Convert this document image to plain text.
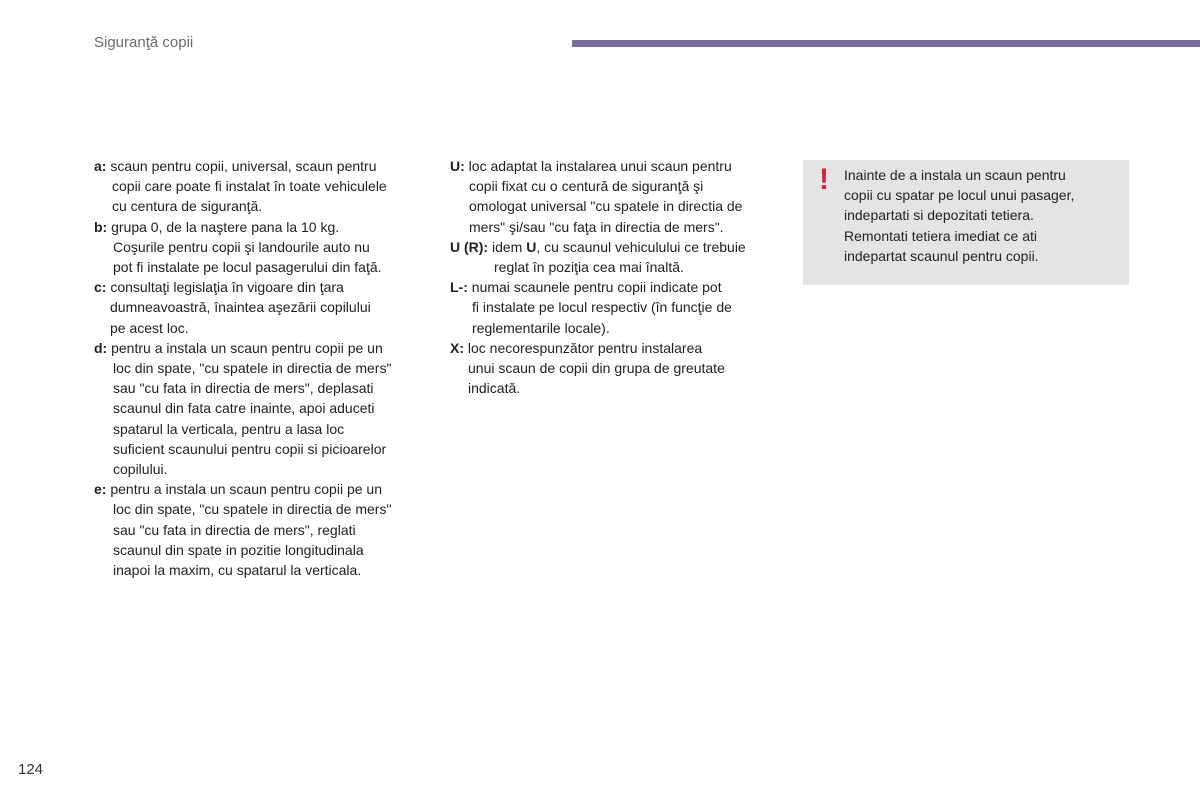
Siguranţă copii

a: scaun pentru copii, universal, scaun pentru
copii care poate fi instalat în toate vehiculele
cu centura de siguranţă.

b: grupa 0, de la naştere pana la 10 kg.
Coşurile pentru copii şi landourile auto nu
pot fi instalate pe locul pasagerului din faţă.

c: consultaţi legislaţia în vigoare din ţara
dumneavoastră, înaintea aşezării copilului
pe acest loc.

d: pentru a instala un scaun pentru copii pe un
loc din spate, "cu spatele in directia de mers"
sau "cu fata in directia de mers", deplasati
scaunul din fata catre inainte, apoi aduceti
spatarul la verticala, pentru a lasa loc
suficient scaunului pentru copii si picioarelor
copilului.

e: pentru a instala un scaun pentru copii pe un
loc din spate, "cu spatele in directia de mers"
sau "cu fata in directia de mers", reglati
scaunul din spate in pozitie longitudinala
inapoi la maxim, cu spatarul la verticala.

U: loc adaptat la instalarea unui scaun pentru
copii fixat cu o centură de siguranţă şi
omologat universal "cu spatele in directia de
mers" şi/sau "cu faţa in directia de mers".

U (R): idem U, cu scaunul vehiculului ce trebuie
reglat în poziţia cea mai înaltă.

L-: numai scaunele pentru copii indicate pot
fi instalate pe locul respectiv (în funcţie de
reglementarile locale).

X: loc necorespunzător pentru instalarea
unui scaun de copii din grupa de greutate
indicată.

! Inainte de a instala un scaun pentru
copii cu spatar pe locul unui pasager,
indepartati si depozitati tetiera.
Remontati tetiera imediat ce ati
indepartat scaunul pentru copii.
124
